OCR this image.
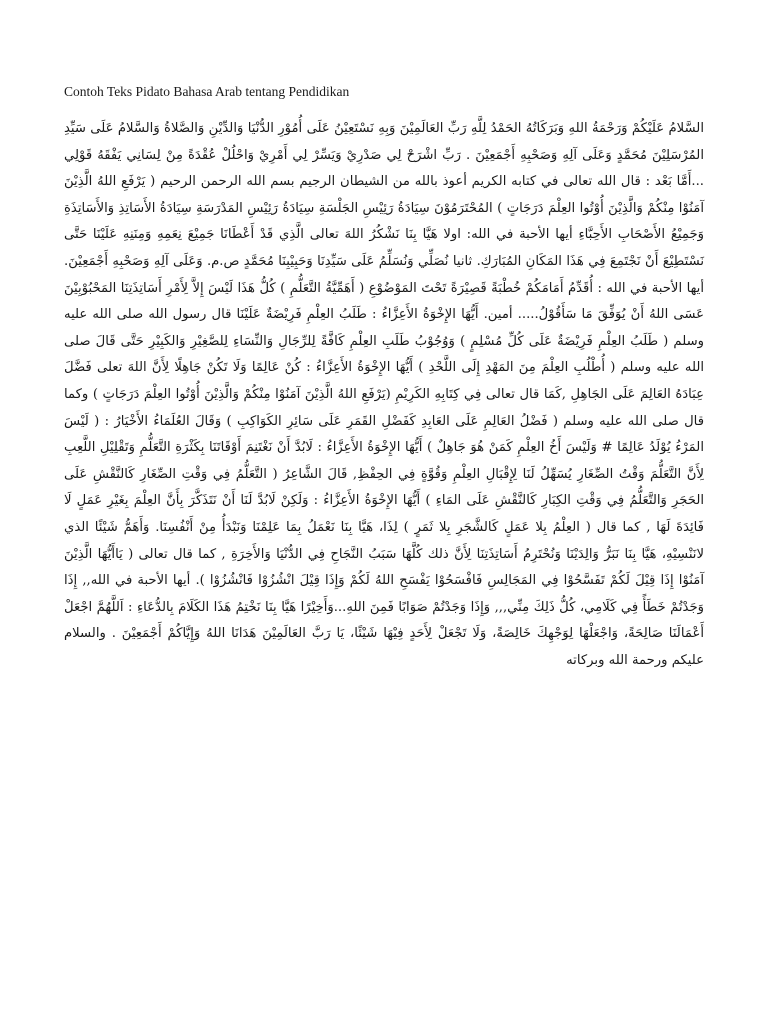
Contoh Teks Pidato Bahasa Arab tentang Pendidikan

السَّلامُ عَلَيْكُمْ وَرَحْمَةُ اللهِ وَبَرَكَاتُهُ الحَمْدُ لِلَّهِ رَبِّ العَالَمِيْنَ وَبِهِ نَسْتَعِيْنُ عَلَى أُمُوْرِ الدُّنْيَا وَالدِّيْنِ وَالصَّلاةُ وَالسَّلامُ عَلَى سَيِّدِ المُرْسَلِيْنَ مُحَمَّدٍ وَعَلَى آلِهِ وَصَحْبِهِ أَجْمَعِيْنَ . رَبِّ اشْرَحْ لِي صَدْرِيْ وَيَسِّرْ لِي أَمْرِيْ وَاحْلُلْ عُقْدَةً مِنْ لِسَانِي يَفْقَهُ قَوْلِي ...أَمَّا بَعْد : قال الله تعالى في كتابه الكريم أعوذ بالله من الشيطان الرجيم بسم الله الرحمن الرحيم ( يَرْفَعِ اللهُ الَّذِيْنَ آمَنُوْا مِنْكُمْ وَالَّذِيْنَ أُوْتُوا العِلْمَ دَرَجَاتٍ ) المُحْتَرَمُوْنَ سِيَادَةُ رَئِيْسِ الجَلْسَةِ سِيَادَةُ رَئِيْسِ المَدْرَسَةِ سِيَادَةُ الأَسَاتِذِ وَالأَسَاتِذَةِ وَجَمِيْعُ الأَصْحَابِ الأَحِبَّاءِ أيها الأحبة في الله: اولا هَيَّا بِنَا نَشْكُرُ اللهَ تعالى الَّذِي قَدْ أَعْطَانَا جَمِيْعَ نِعَمِهِ وَمِنَنِهِ عَلَيْنَا حَتَّى نَسْتَطِيْعَ أَنْ نَجْتَمِعَ فِي هَذَا المَكَانِ المُبَارَكِ. ثانيا نُصَلِّي وَنُسَلِّمُ عَلَى سَيِّدِنَا وَحَبِيْبِنَا مُحَمَّدٍ ص.م. وَعَلَى آلِهِ وَصَحْبِهِ أَجْمَعِيْنَ. أيها الأحبة في الله : أُقَدِّمُ أَمَامَكُمْ خُطْبَةً قَصِيْرَةً تَحْتَ المَوْضُوْعِ ( أَهَمِّيَّةُ التَّعَلُّمِ ) كُلُّ هَذَا لَيْسَ إِلاَّ لِأَمْرِ أَسَاتِذَتِنَا المَحْبُوْبِيْنَ عَسَى اللهُ أَنْ يُوَفِّقَ مَا سَأَقُوْلُ..... أمين. أَيُّهَا الإِخْوَةُ الأَعِزَّاءُ : طَلَبُ العِلْمِ فَرِيْضَةٌ عَلَيْنَا قال رسول الله صلى الله عليه وسلم ( طَلَبُ العِلْمِ فَرِيْضَةٌ عَلَى كُلِّ مُسْلِمٍ ) وَوُجُوْبُ طَلَبِ العِلْمِ كَافَّةً لِلرِّجَالِ وَالنِّسَاءِ لِلصَّغِيْرِ وَالكَبِيْرِ حَتَّى قَالَ صلى الله عليه وسلم ( أُطْلُبِ العِلْمَ مِنَ المَهْدِ إِلَى اللَّحْدِ ) أَيُّهَا الإِخْوَةُ الأَعِزَّاءُ : كُنْ عَالِمًا وَلَا تَكُنْ جَاهِلًا لِأَنَّ اللهَ تعلى فَضَّلَ عِبَادَهُ العَالِمَ عَلَى الجَاهِلِ ,كَمَا قال تعالى فِي كِتَابِهِ الكَرِيْمِ (يَرْفَعِ اللهُ الَّذِيْنَ آمَنُوْا مِنْكُمْ وَالَّذِيْنَ أُوْتُوا العِلْمَ دَرَجَاتٍ ) وكما قال صلى الله عليه وسلم ( فَضْلُ العَالِمِ عَلَى العَابِدِ كَفَضْلِ القَمَرِ عَلَى سَائِرِ الكَوَاكِبِ ) وَقَالَ العُلَمَاءُ الأَخْيَارُ : ( لَيْسَ المَرْءُ يُوْلَدُ عَالِمًا # وَلَيْسَ أَخُ العِلْمِ كَمَنْ هُوَ جَاهِلٌ ) أَيُّهَا الإِخْوَةُ الأَعِزَّاءُ : لَابُدَّ أَنْ نَغْتَنِمَ أَوْقَاتَنَا بِكَثْرَةِ التَّعَلُّمِ وَتَقْلِيْلِ اللَّعِبِ لِأَنَّ التَّعَلُّمَ وَقْتُ الصِّغَارِ يُسَهِّلُ لَنَا لِإِقْبَالِ العِلْمِ وَقُوَّةٍ فِي الحِفْظِ, قَالَ الشَّاعِرُ ( التَّعَلُّمُ فِي وَقْتِ الصِّغَارِ كَالنَّقْشِ عَلَى الحَجَرِ وَالتَّعَلُّمُ فِي وَقْتِ الكِبَارِ كَالنَّقْشِ عَلَى المَاءِ ) أَيُّهَا الإِخْوَةُ الأَعِزَّاءُ : وَلَكِنْ لَابُدَّ لَنَا أَنْ نَتَذَكَّرَ بِأَنَّ العِلْمَ بِغَيْرِ عَمَلٍ لَا فَائِدَةَ لَهَا , كما قال ( العِلْمُ بِلا عَمَلٍ كَالشَّجَرِ بِلا ثَمَرٍ ) لِذَا، هَيَّا بِنَا نَعْمَلُ بِمَا عَلِمْنَا وَنَبْدَأُ مِنْ أَنْفُسِنَا. وَأَهَمُّ شَيْئًا الذي لانَنْسِيْهِ، هَيَّا بِنَا نَبَرُّ وَالِدَيْنَا وَنُحْتَرِمُ أَسَاتِذَتِنَا لِأَنَّ ذلك كُلَّهَا سَبَبُ النَّجَاحِ فِي الدُّنْيَا وَالأَخِرَةِ , كما قال تعالى ( يَاأَيُّهَا الَّذِيْنَ آمَنُوْا إِذَا قِيْلَ لَكُمْ تَفَسَّحُوْا فِي المَجَالِسِ فَافْسَحُوْا يَفْسَحِ اللهُ لَكُمْ وَإِذَا قِيْلَ انْشُزُوْا فَانْشُزُوْا ). أيها الأحبة في الله,, إِذَا وَجَدْتُمْ خَطَأً فِي كَلَامِي، كُلُّ ذَلِكَ مِنِّي,,, وَإِذَا وَجَدْتُمْ صَوَابًا فَمِنَ اللهِ...وَأَخِيْرًا هَيَّا بِنَا نَخْتِمُ هَذَا الكَلَامَ بِالدُّعَاءِ : اَللَّهُمَّ اجْعَلْ أَعْمَالَنَا صَالِحَةً، وَاجْعَلْهَا لِوَجْهِكَ خَالِصَةً، وَلَا تَجْعَلْ لِأَحَدٍ فِيْهَا شَيْئًا، يَا رَبَّ العَالَمِيْنَ هَدَانَا اللهُ وَإِيَّاكُمْ أَجْمَعِيْنَ . والسلام عليكم ورحمة الله وبركاته
